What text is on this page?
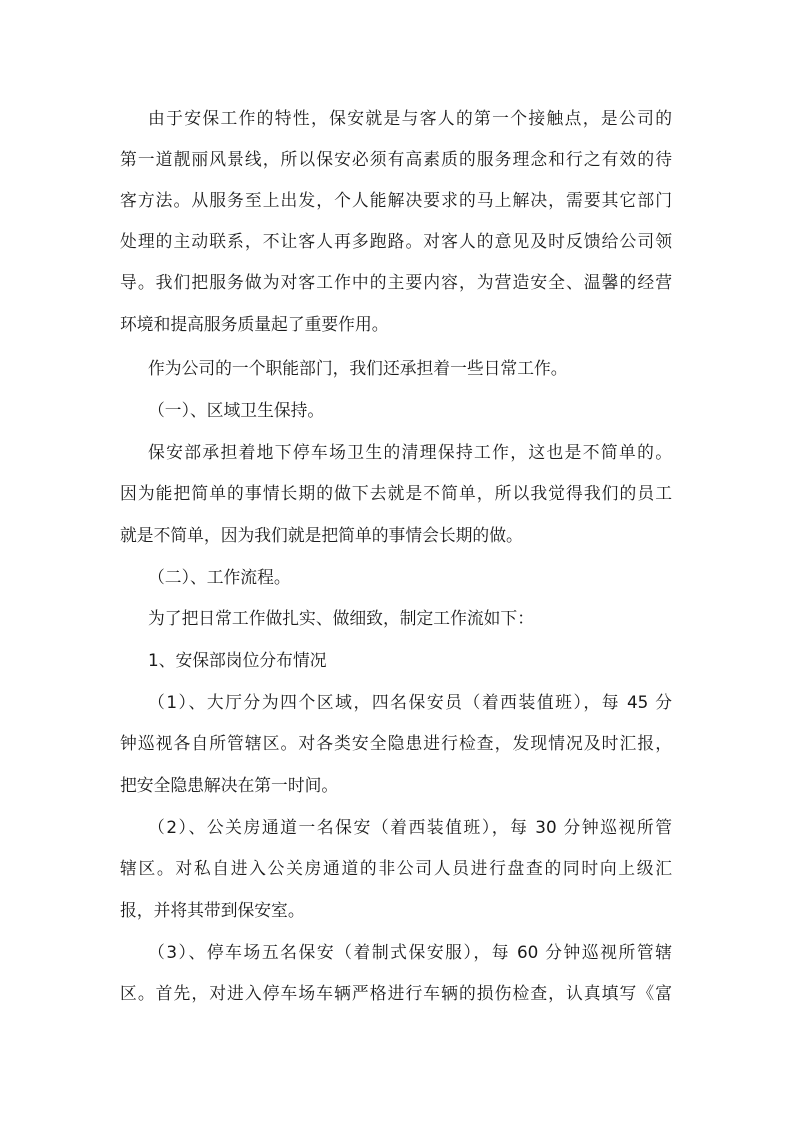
由于安保工作的特性，保安就是与客人的第一个接触点，是公司的

第一道靓丽风景线，所以保安必须有高素质的服务理念和行之有效的待

客方法。从服务至上出发，个人能解决要求的马上解决，需要其它部门

处理的主动联系，不让客人再多跑路。对客人的意见及时反馈给公司领

导。我们把服务做为对客工作中的主要内容，为营造安全、温馨的经营

环境和提高服务质量起了重要作用。

作为公司的一个职能部门，我们还承担着一些日常工作。

（一）、区域卫生保持。

保安部承担着地下停车场卫生的清理保持工作，这也是不简单的。

因为能把简单的事情长期的做下去就是不简单，所以我觉得我们的员工

就是不简单，因为我们就是把简单的事情会长期的做。

（二）、工作流程。

为了把日常工作做扎实、做细致，制定工作流如下：

1、安保部岗位分布情况

（1）、大厅分为四个区域，四名保安员（着西装值班），每 45 分

钟巡视各自所管辖区。对各类安全隐患进行检查，发现情况及时汇报，

把安全隐患解决在第一时间。

（2）、公关房通道一名保安（着西装值班），每 30 分钟巡视所管

辖区。对私自进入公关房通道的非公司人员进行盘查的同时向上级汇

报，并将其带到保安室。

（3）、停车场五名保安（着制式保安服），每 60 分钟巡视所管辖

区。首先，对进入停车场车辆严格进行车辆的损伤检查，认真填写《富
